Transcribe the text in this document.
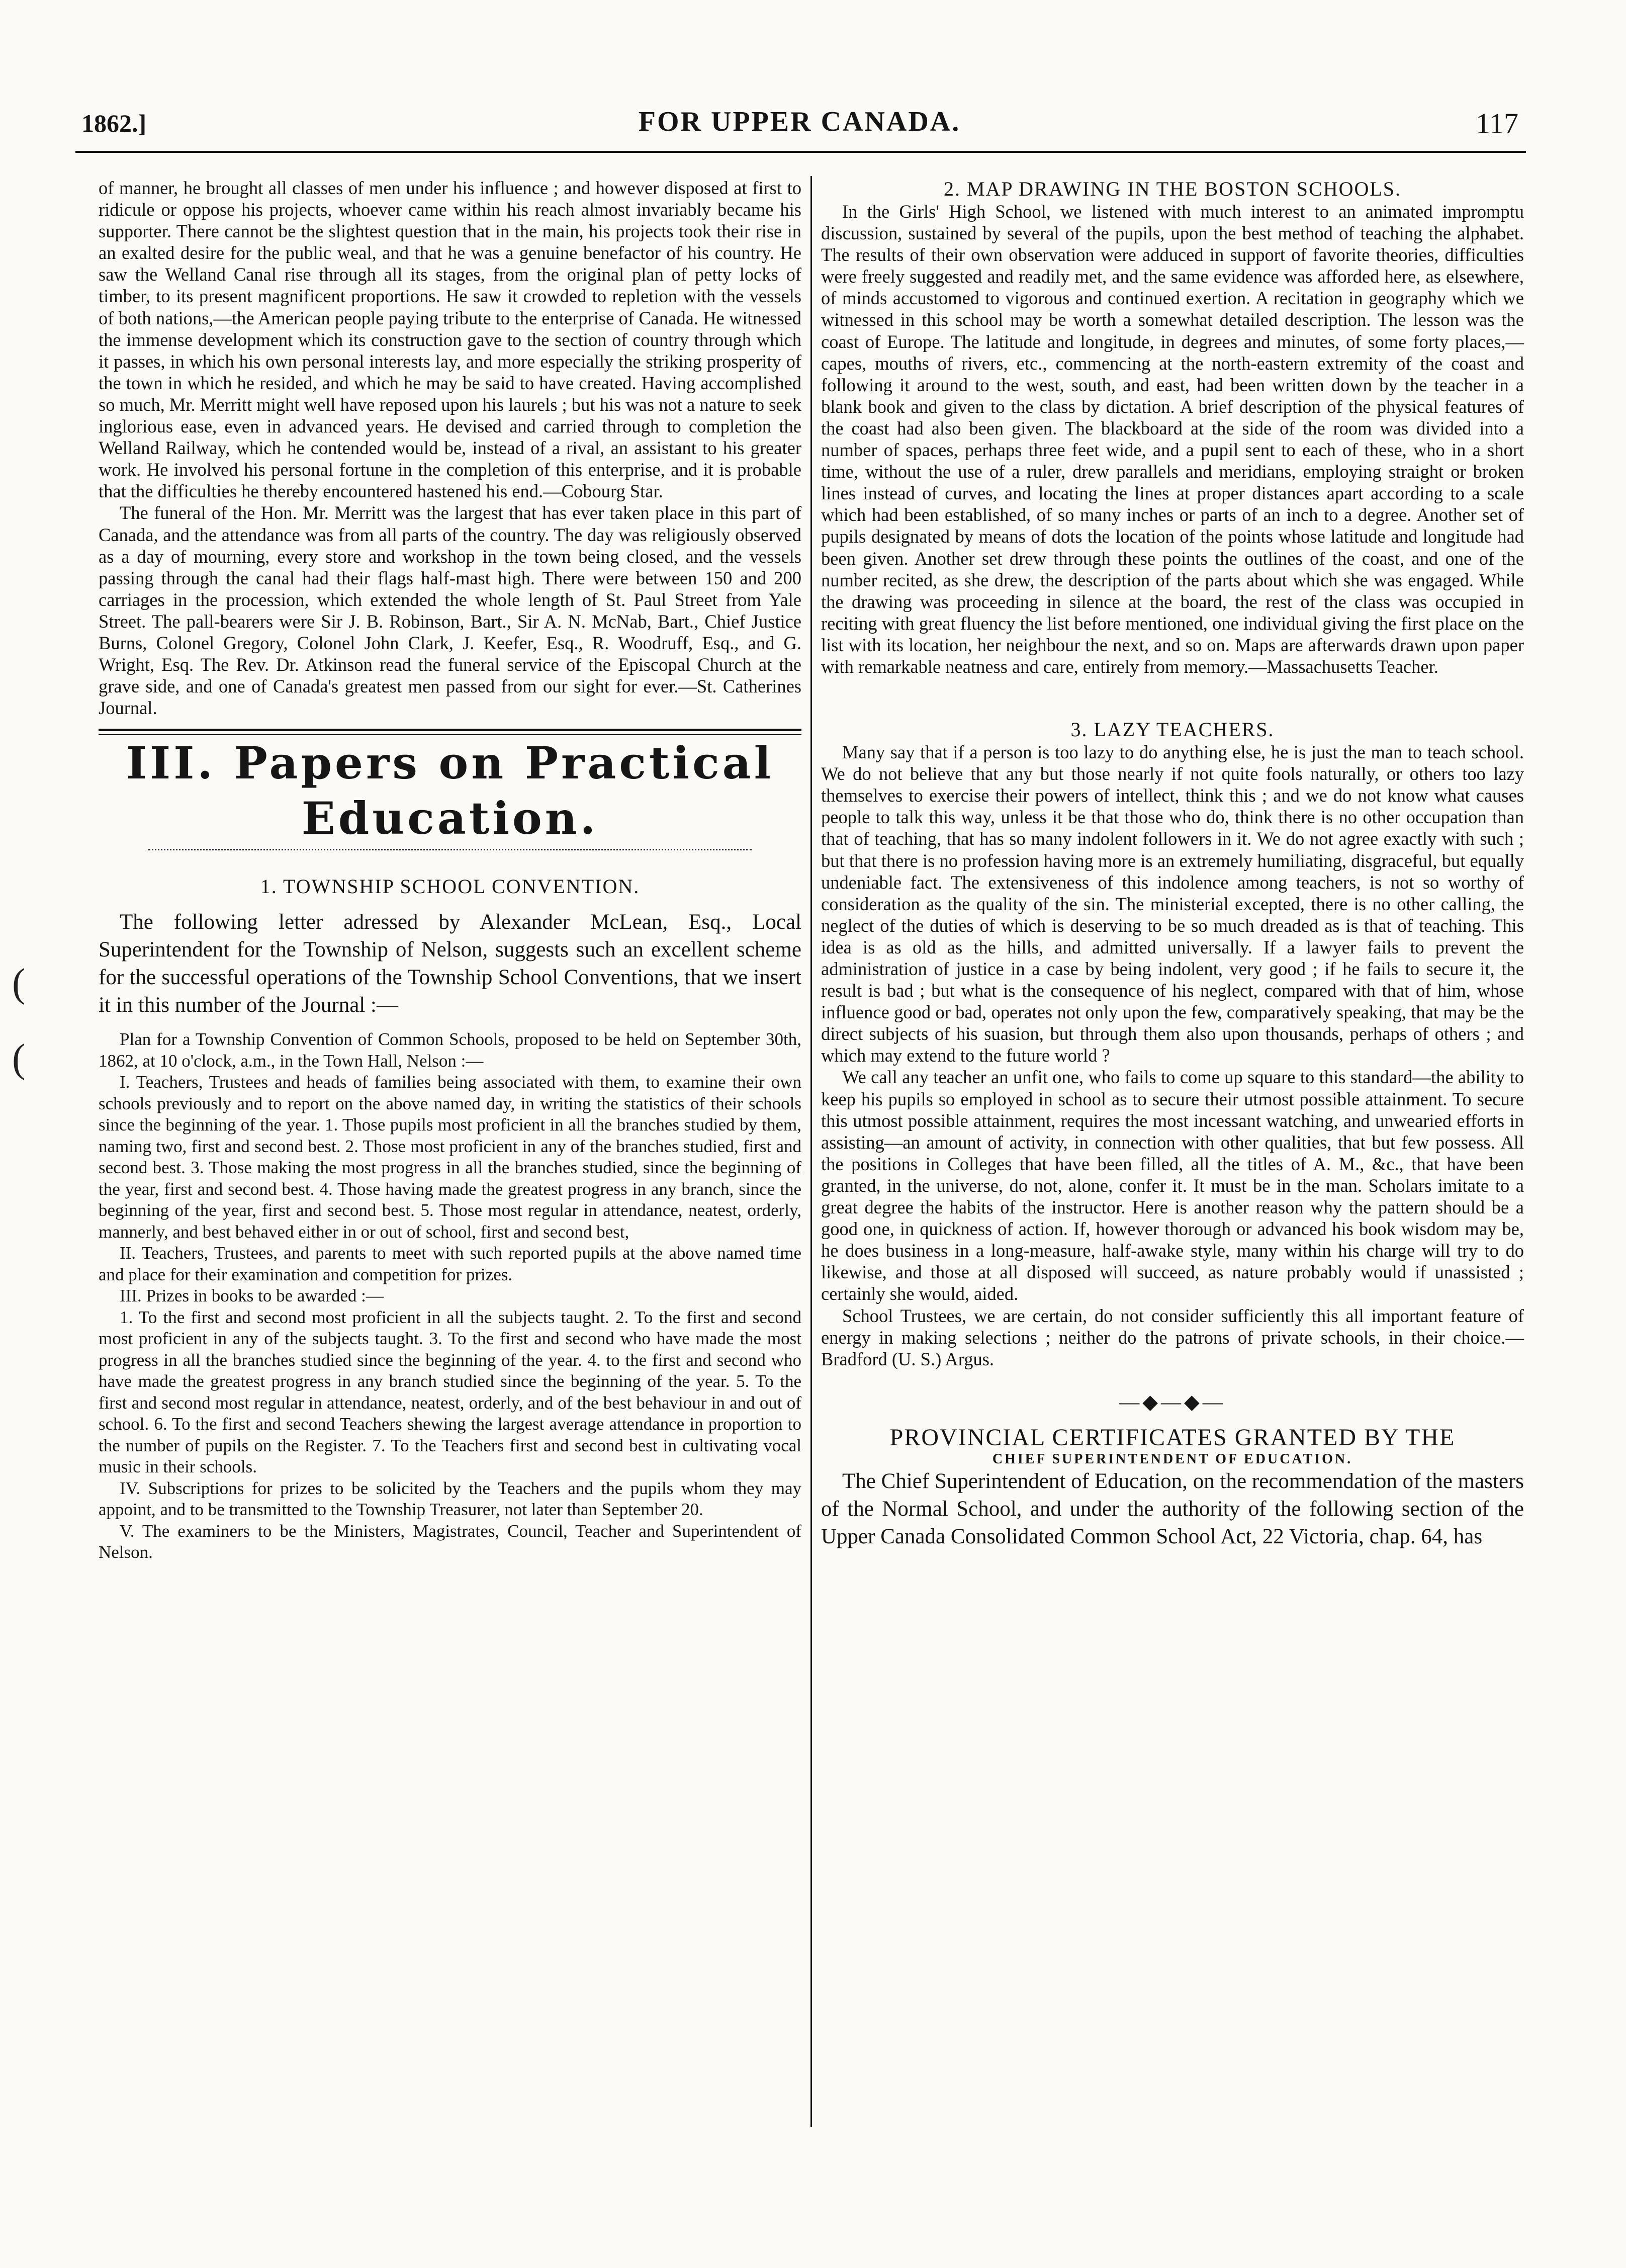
1862.]	FOR UPPER CANADA.	117
(
(

of manner, he brought all classes of men under his influence ; and however disposed at first to ridicule or oppose his projects, whoever came within his reach almost invariably became his supporter. There cannot be the slightest question that in the main, his projects took their rise in an exalted desire for the public weal, and that he was a genuine benefactor of his country. He saw the Welland Canal rise through all its stages, from the original plan of petty locks of timber, to its present magnificent proportions. He saw it crowded to repletion with the vessels of both nations,—the American people paying tribute to the enterprise of Canada. He witnessed the immense development which its construction gave to the section of country through which it passes, in which his own personal interests lay, and more especially the striking prosperity of the town in which he resided, and which he may be said to have created. Having accomplished so much, Mr. Merritt might well have reposed upon his laurels ; but his was not a nature to seek inglorious ease, even in advanced years. He devised and carried through to completion the Welland Railway, which he contended would be, instead of a rival, an assistant to his greater work. He involved his personal fortune in the completion of this enterprise, and it is probable that the difficulties he thereby encountered hastened his end.—Cobourg Star.

The funeral of the Hon. Mr. Merritt was the largest that has ever taken place in this part of Canada, and the attendance was from all parts of the country. The day was religiously observed as a day of mourning, every store and workshop in the town being closed, and the vessels passing through the canal had their flags half-mast high. There were between 150 and 200 carriages in the procession, which extended the whole length of St. Paul Street from Yale Street. The pall-bearers were Sir J. B. Robinson, Bart., Sir A. N. McNab, Bart., Chief Justice Burns, Colonel Gregory, Colonel John Clark, J. Keefer, Esq., R. Woodruff, Esq., and G. Wright, Esq. The Rev. Dr. Atkinson read the funeral service of the Episcopal Church at the grave side, and one of Canada's greatest men passed from our sight for ever.—St. Catherines Journal.

III. Papers on Practical Education.
1. TOWNSHIP SCHOOL CONVENTION.

The following letter adressed by Alexander McLean, Esq., Local Superintendent for the Township of Nelson, suggests such an excellent scheme for the successful operations of the Township School Conventions, that we insert it in this number of the Journal :—

Plan for a Township Convention of Common Schools, proposed to be held on September 30th, 1862, at 10 o'clock, a.m., in the Town Hall, Nelson :—

I. Teachers, Trustees and heads of families being associated with them, to examine their own schools previously and to report on the above named day, in writing the statistics of their schools since the beginning of the year. 1. Those pupils most proficient in all the branches studied by them, naming two, first and second best. 2. Those most proficient in any of the branches studied, first and second best. 3. Those making the most progress in all the branches studied, since the beginning of the year, first and second best. 4. Those having made the greatest progress in any branch, since the beginning of the year, first and second best. 5. Those most regular in attendance, neatest, orderly, mannerly, and best behaved either in or out of school, first and second best,

II. Teachers, Trustees, and parents to meet with such reported pupils at the above named time and place for their examination and competition for prizes.

III. Prizes in books to be awarded :—

1. To the first and second most proficient in all the subjects taught. 2. To the first and second most proficient in any of the subjects taught. 3. To the first and second who have made the most progress in all the branches studied since the beginning of the year. 4. to the first and second who have made the greatest progress in any branch studied since the beginning of the year. 5. To the first and second most regular in attendance, neatest, orderly, and of the best behaviour in and out of school. 6. To the first and second Teachers shewing the largest average attendance in proportion to the number of pupils on the Register. 7. To the Teachers first and second best in cultivating vocal music in their schools.

IV. Subscriptions for prizes to be solicited by the Teachers and the pupils whom they may appoint, and to be transmitted to the Township Treasurer, not later than September 20.

V. The examiners to be the Ministers, Magistrates, Council, Teacher and Superintendent of Nelson.

2. MAP DRAWING IN THE BOSTON SCHOOLS.

In the Girls' High School, we listened with much interest to an animated impromptu discussion, sustained by several of the pupils, upon the best method of teaching the alphabet. The results of their own observation were adduced in support of favorite theories, difficulties were freely suggested and readily met, and the same evidence was afforded here, as elsewhere, of minds accustomed to vigorous and continued exertion. A recitation in geography which we witnessed in this school may be worth a somewhat detailed description. The lesson was the coast of Europe. The latitude and longitude, in degrees and minutes, of some forty places,—capes, mouths of rivers, etc., commencing at the north-eastern extremity of the coast and following it around to the west, south, and east, had been written down by the teacher in a blank book and given to the class by dictation. A brief description of the physical features of the coast had also been given. The blackboard at the side of the room was divided into a number of spaces, perhaps three feet wide, and a pupil sent to each of these, who in a short time, without the use of a ruler, drew parallels and meridians, employing straight or broken lines instead of curves, and locating the lines at proper distances apart according to a scale which had been established, of so many inches or parts of an inch to a degree. Another set of pupils designated by means of dots the location of the points whose latitude and longitude had been given. Another set drew through these points the outlines of the coast, and one of the number recited, as she drew, the description of the parts about which she was engaged. While the drawing was proceeding in silence at the board, the rest of the class was occupied in reciting with great fluency the list before mentioned, one individual giving the first place on the list with its location, her neighbour the next, and so on. Maps are afterwards drawn upon paper with remarkable neatness and care, entirely from memory.—Massachusetts Teacher.

3. LAZY TEACHERS.

Many say that if a person is too lazy to do anything else, he is just the man to teach school. We do not believe that any but those nearly if not quite fools naturally, or others too lazy themselves to exercise their powers of intellect, think this ; and we do not know what causes people to talk this way, unless it be that those who do, think there is no other occupation than that of teaching, that has so many indolent followers in it. We do not agree exactly with such ; but that there is no profession having more is an extremely humiliating, disgraceful, but equally undeniable fact. The extensiveness of this indolence among teachers, is not so worthy of consideration as the quality of the sin. The ministerial excepted, there is no other calling, the neglect of the duties of which is deserving to be so much dreaded as is that of teaching. This idea is as old as the hills, and admitted universally. If a lawyer fails to prevent the administration of justice in a case by being indolent, very good ; if he fails to secure it, the result is bad ; but what is the consequence of his neglect, compared with that of him, whose influence good or bad, operates not only upon the few, comparatively speaking, that may be the direct subjects of his suasion, but through them also upon thousands, perhaps of others ; and which may extend to the future world ?

We call any teacher an unfit one, who fails to come up square to this standard—the ability to keep his pupils so employed in school as to secure their utmost possible attainment. To secure this utmost possible attainment, requires the most incessant watching, and unwearied efforts in assisting—an amount of activity, in connection with other qualities, that but few possess. All the positions in Colleges that have been filled, all the titles of A. M., &c., that have been granted, in the universe, do not, alone, confer it. It must be in the man. Scholars imitate to a great degree the habits of the instructor. Here is another reason why the pattern should be a good one, in quickness of action. If, however thorough or advanced his book wisdom may be, he does business in a long-measure, half-awake style, many within his charge will try to do likewise, and those at all disposed will succeed, as nature probably would if unassisted ; certainly she would, aided.

School Trustees, we are certain, do not consider sufficiently this all important feature of energy in making selections ; neither do the patrons of private schools, in their choice.—Bradford (U. S.) Argus.

—◆—◆—
PROVINCIAL CERTIFICATES GRANTED BY THE
CHIEF SUPERINTENDENT OF EDUCATION.

The Chief Superintendent of Education, on the recommendation of the masters of the Normal School, and under the authority of the following section of the Upper Canada Consolidated Common School Act, 22 Victoria, chap. 64, has
